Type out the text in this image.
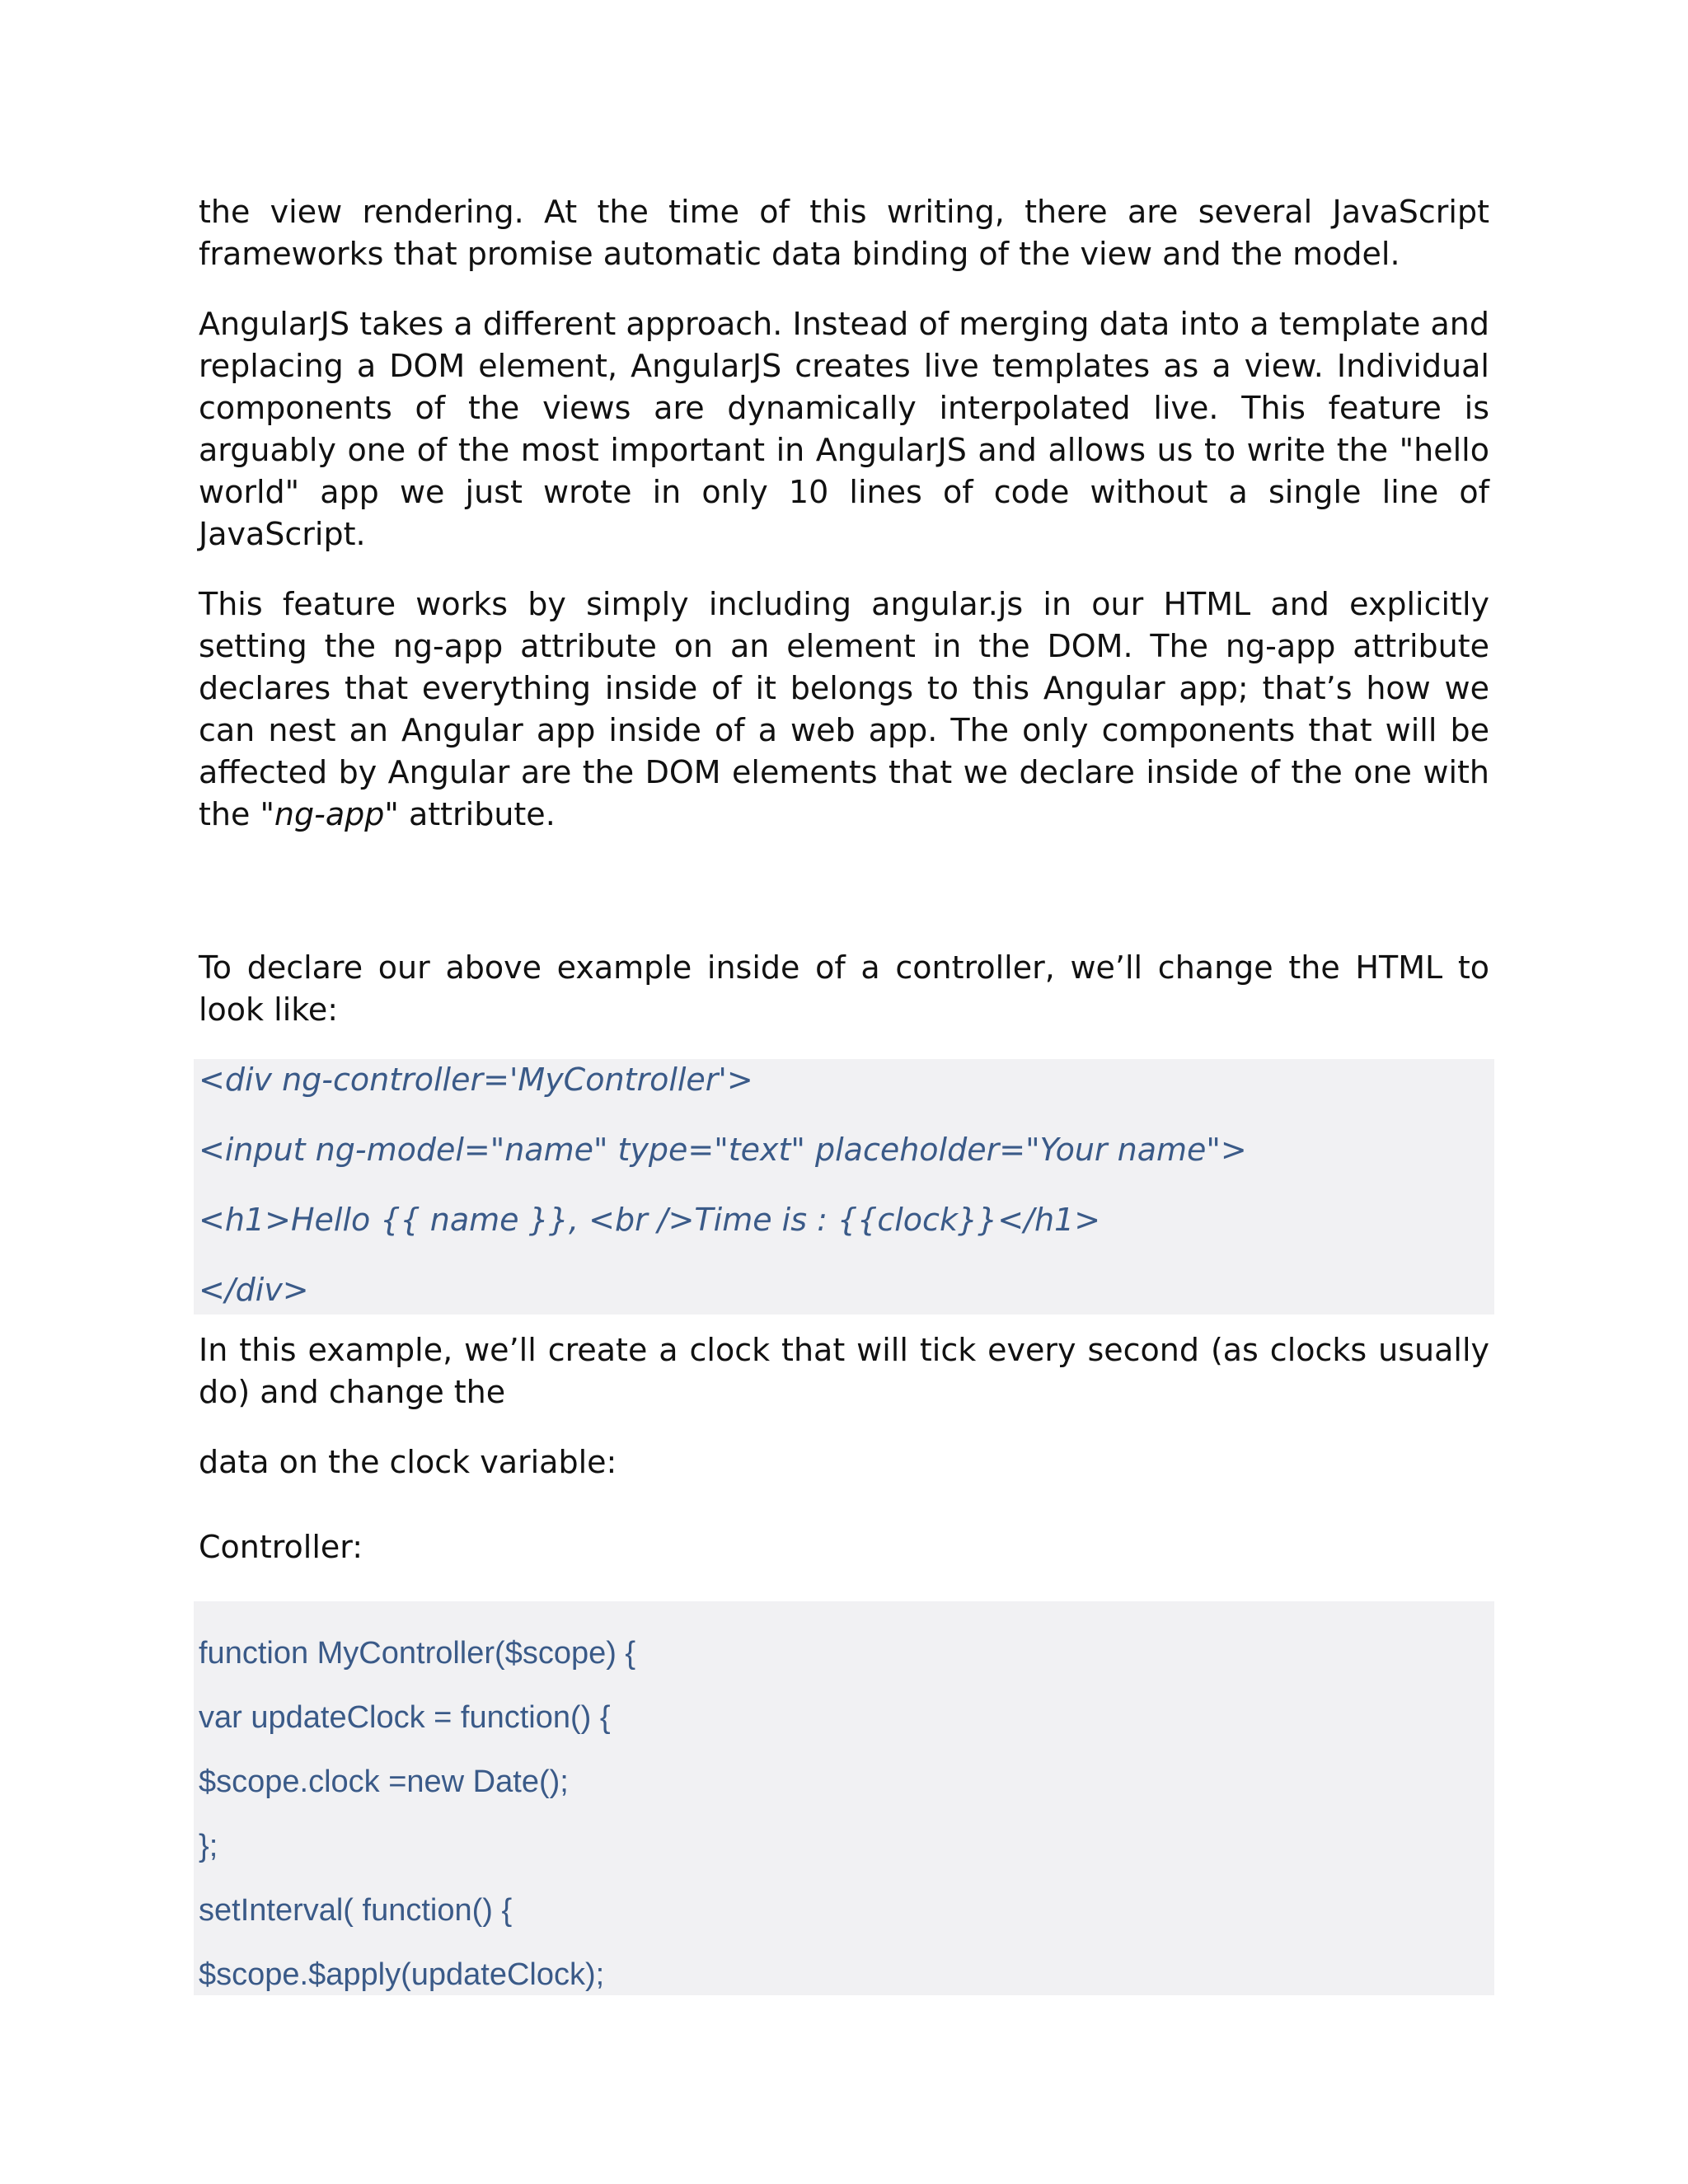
the view rendering. At the time of this writing, there are several JavaScript frameworks that promise automatic data binding of the view and the model.

AngularJS takes a different approach. Instead of merging data into a template and replacing a DOM element, AngularJS creates live templates as a view. Individual components of the views are dynamically interpolated live. This feature is arguably one of the most important in AngularJS and allows us to write the "hello world" app we just wrote in only 10 lines of code without a single line of JavaScript.

This feature works by simply including angular.js in our HTML and explicitly setting the ng-app attribute on an element in the DOM. The ng-app attribute declares that everything inside of it belongs to this Angular app; that’s how we can nest an Angular app inside of a web app. The only components that will be affected by Angular are the DOM elements that we declare inside of the one with the "ng-app" attribute.

To declare our above example inside of a controller, we’ll change the HTML to look like:

<div ng-controller='MyController'>
<input ng-model="name" type="text" placeholder="Your name">
<h1>Hello {{ name }}, <br />Time is : {{clock}}</h1>
</div>

In this example, we’ll create a clock that will tick every second (as clocks usually do) and change the

data on the clock variable:

Controller:

function MyController($scope) {
var updateClock = function() {
$scope.clock =new Date();
};
setInterval( function() {
$scope.$apply(updateClock);
